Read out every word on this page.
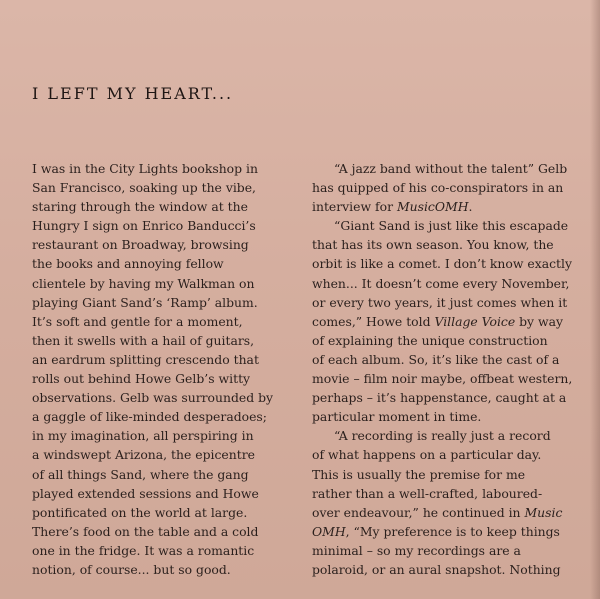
I LEFT MY HEART...
I was in the City Lights bookshop in
San Francisco, soaking up the vibe,
staring through the window at the
Hungry I sign on Enrico Banducci’s
restaurant on Broadway, browsing
the books and annoying fellow
clientele by having my Walkman on
playing Giant Sand’s ‘Ramp’ album.
It’s soft and gentle for a moment,
then it swells with a hail of guitars,
an eardrum splitting crescendo that
rolls out behind Howe Gelb’s witty
observations. Gelb was surrounded by
a gaggle of like-minded desperadoes;
in my imagination, all perspiring in
a windswept Arizona, the epicentre
of all things Sand, where the gang
played extended sessions and Howe
pontificated on the world at large.
There’s food on the table and a cold
one in the fridge. It was a romantic
notion, of course... but so good.
“A jazz band without the talent” Gelb
has quipped of his co-conspirators in an
interview for MusicOMH.
“Giant Sand is just like this escapade
that has its own season. You know, the
orbit is like a comet. I don’t know exactly
when... It doesn’t come every November,
or every two years, it just comes when it
comes,” Howe told Village Voice by way
of explaining the unique construction
of each album. So, it’s like the cast of a
movie – film noir maybe, offbeat western,
perhaps – it’s happenstance, caught at a
particular moment in time.
“A recording is really just a record
of what happens on a particular day.
This is usually the premise for me
rather than a well-crafted, laboured-
over endeavour,” he continued in Music
OMH, “My preference is to keep things
minimal – so my recordings are a
polaroid, or an aural snapshot. Nothing
